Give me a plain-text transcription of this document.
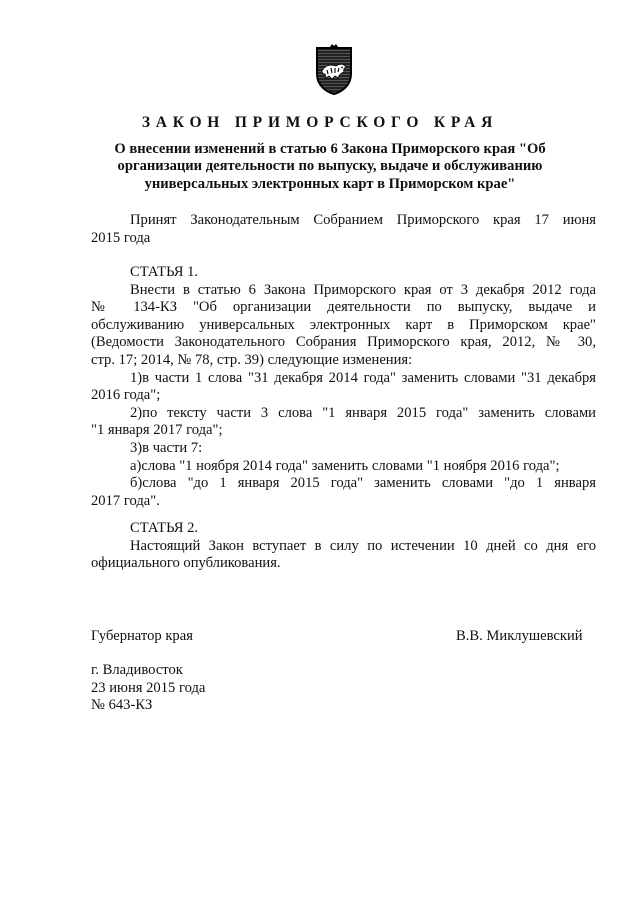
ЗАКОН ПРИМОРСКОГО КРАЯ
О внесении изменений в статью 6 Закона Приморского края "Об
организации деятельности по выпуску, выдаче и обслуживанию
универсальных электронных карт в Приморском крае"
Принят Законодательным Собранием Приморского края 17 июня
2015 года
СТАТЬЯ 1.
Внести в статью 6 Закона Приморского края от 3 декабря 2012 года
№ 134-КЗ "Об организации деятельности по выпуску, выдаче и
обслуживанию универсальных электронных карт в Приморском крае"
(Ведомости Законодательного Собрания Приморского края, 2012, № 30,
стр. 17; 2014, № 78, стр. 39) следующие изменения:
1)в части 1 слова "31 декабря 2014 года" заменить словами "31 декабря
2016 года";
2)по тексту части 3 слова "1 января 2015 года" заменить словами
"1 января 2017 года";
3)в части 7:
а)слова "1 ноября 2014 года" заменить словами "1 ноября 2016 года";
б)слова "до 1 января 2015 года" заменить словами "до 1 января
2017 года".
СТАТЬЯ 2.
Настоящий Закон вступает в силу по истечении 10 дней со дня его
официального опубликования.
Губернатор края	В.В. Миклушевский
г. Владивосток
23 июня 2015 года
№ 643-КЗ
